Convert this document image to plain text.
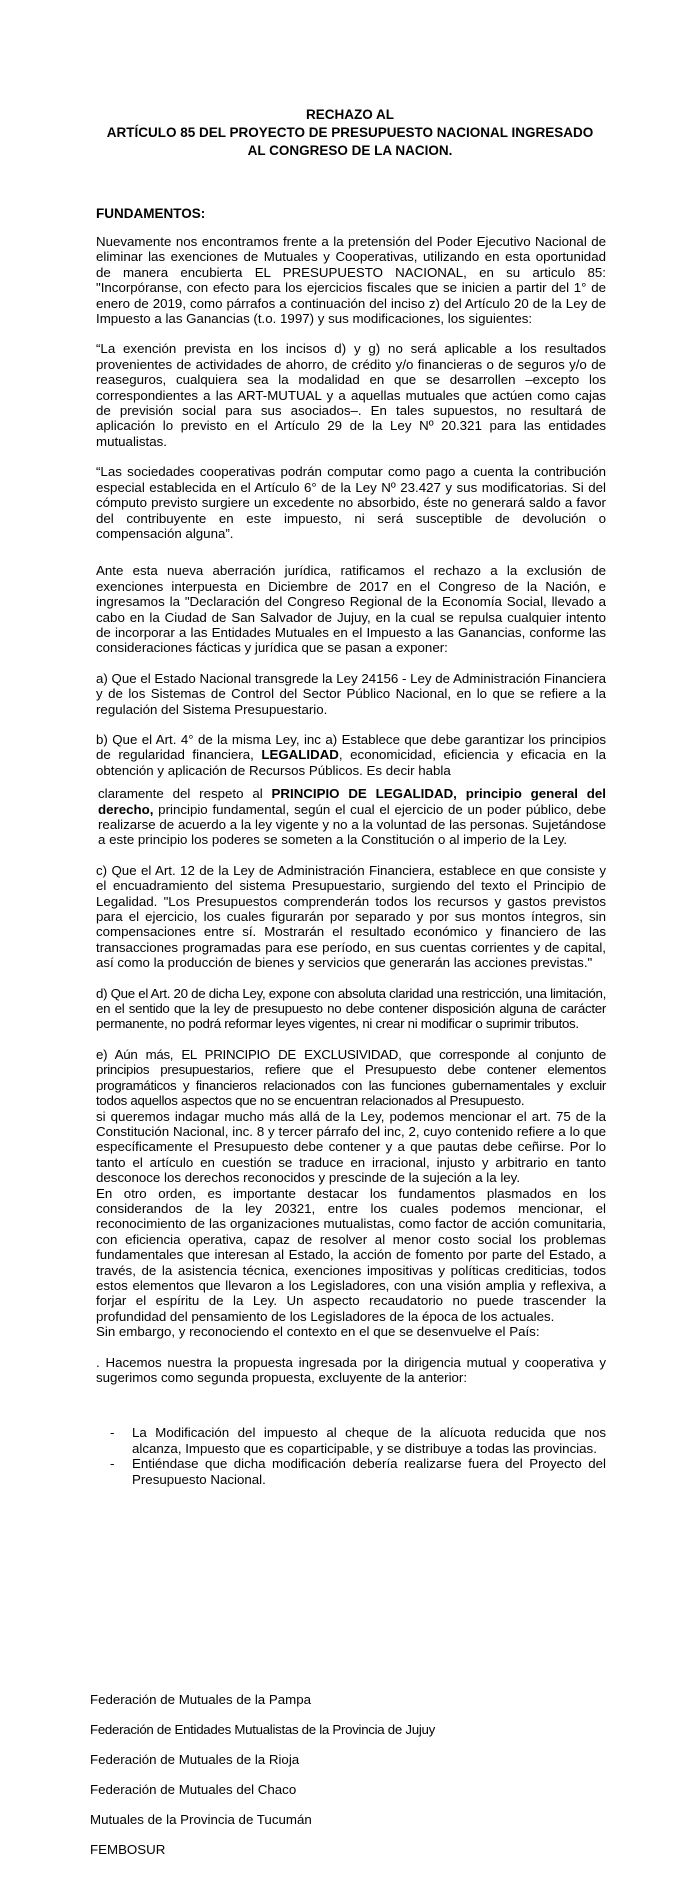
RECHAZO AL
ARTÍCULO 85 DEL PROYECTO DE PRESUPUESTO NACIONAL INGRESADO
AL CONGRESO DE LA NACION.
FUNDAMENTOS:

Nuevamente nos encontramos frente a la pretensión del Poder Ejecutivo Nacional de eliminar las exenciones de Mutuales y Cooperativas, utilizando en esta oportunidad de manera encubierta EL PRESUPUESTO NACIONAL, en su articulo 85: "Incorpóranse, con efecto para los ejercicios fiscales que se inicien a partir del 1° de enero de 2019, como párrafos a continuación del inciso z) del Artículo 20 de la Ley de Impuesto a las Ganancias (t.o. 1997) y sus modificaciones, los siguientes:

“La exención prevista en los incisos d) y g) no será aplicable a los resultados provenientes de actividades de ahorro, de crédito y/o financieras o de seguros y/o de reaseguros, cualquiera sea la modalidad en que se desarrollen –excepto los correspondientes a las ART-MUTUAL y a aquellas mutuales que actúen como cajas de previsión social para sus asociados–. En tales supuestos, no resultará de aplicación lo previsto en el Artículo 29 de la Ley Nº 20.321 para las entidades mutualistas.

“Las sociedades cooperativas podrán computar como pago a cuenta la contribución especial establecida en el Artículo 6° de la Ley Nº 23.427 y sus modificatorias. Si del cómputo previsto surgiere un excedente no absorbido, éste no generará saldo a favor del contribuyente en este impuesto, ni será susceptible de devolución o compensación alguna”.

Ante esta nueva aberración jurídica, ratificamos el rechazo a la exclusión de exenciones interpuesta en Diciembre de 2017 en el Congreso de la Nación, e ingresamos la "Declaración del Congreso Regional de la Economía Social, llevado a cabo en la Ciudad de San Salvador de Jujuy, en la cual se repulsa cualquier intento de incorporar a las Entidades Mutuales en el Impuesto a las Ganancias, conforme las consideraciones fácticas y jurídica que se pasan a exponer:

a) Que el Estado Nacional transgrede la Ley 24156 - Ley de Administración Financiera y de los Sistemas de Control del Sector Público Nacional, en lo que se refiere a la regulación del Sistema Presupuestario.

b) Que el Art. 4° de la misma Ley, inc a) Establece que debe garantizar los principios de regularidad financiera, LEGALIDAD, economicidad, eficiencia y eficacia en la obtención y aplicación de Recursos Públicos. Es decir habla

claramente del respeto al PRINCIPIO DE LEGALIDAD, principio general del derecho, principio fundamental, según el cual el ejercicio de un poder público, debe realizarse de acuerdo a la ley vigente y no a la voluntad de las personas. Sujetándose a este principio los poderes se someten a la Constitución o al imperio de la Ley.

c) Que el Art. 12 de la Ley de Administración Financiera, establece en que consiste y el encuadramiento del sistema Presupuestario, surgiendo del texto el Principio de Legalidad. "Los Presupuestos comprenderán todos los recursos y gastos previstos para el ejercicio, los cuales figurarán por separado y por sus montos íntegros, sin compensaciones entre sí. Mostrarán el resultado económico y financiero de las transacciones programadas para ese período, en sus cuentas corrientes y de capital, así como la producción de bienes y servicios que generarán las acciones previstas."

d) Que el Art. 20 de dicha Ley, expone con absoluta claridad una restricción, una limitación, en el sentido que la ley de presupuesto no debe contener disposición alguna de carácter permanente, no podrá reformar leyes vigentes, ni crear ni modificar o suprimir tributos.

e) Aún más, EL PRINCIPIO DE EXCLUSIVIDAD, que corresponde al conjunto de principios presupuestarios, refiere que el Presupuesto debe contener elementos programáticos y financieros relacionados con las funciones gubernamentales y excluir todos aquellos aspectos que no se encuentran relacionados al Presupuesto.

si queremos indagar mucho más allá de la Ley, podemos mencionar el art. 75 de la Constitución Nacional, inc. 8 y tercer párrafo del inc, 2, cuyo contenido refiere a lo que específicamente el Presupuesto debe contener y a que pautas debe ceñirse. Por lo tanto el artículo en cuestión se traduce en irracional, injusto y arbitrario en tanto desconoce los derechos reconocidos y prescinde de la sujeción a la ley.

En otro orden, es importante destacar los fundamentos plasmados en los considerandos de la ley 20321, entre los cuales podemos mencionar, el reconocimiento de las organizaciones mutualistas, como factor de acción comunitaria, con eficiencia operativa, capaz de resolver al menor costo social los problemas fundamentales que interesan al Estado, la acción de fomento por parte del Estado, a través, de la asistencia técnica, exenciones impositivas y políticas crediticias, todos estos elementos que llevaron a los Legisladores, con una visión amplia y reflexiva, a forjar el espíritu de la Ley. Un aspecto recaudatorio no puede trascender la profundidad del pensamiento de los Legisladores de la época de los actuales.

Sin embargo, y reconociendo el contexto en el que se desenvuelve el País:

. Hacemos nuestra la propuesta ingresada por la dirigencia mutual y cooperativa y sugerimos como segunda propuesta, excluyente de la anterior:

- La Modificación del impuesto al cheque de la alícuota reducida que nos alcanza, Impuesto que es coparticipable, y se distribuye a todas las provincias.
- Entiéndase que dicha modificación debería realizarse fuera del Proyecto del Presupuesto Nacional.
Federación de Mutuales de la Pampa
Federación de Entidades Mutualistas de la Provincia de Jujuy
Federación de Mutuales de la Rioja
Federación de Mutuales del Chaco
Mutuales de la Provincia de Tucumán
FEMBOSUR
